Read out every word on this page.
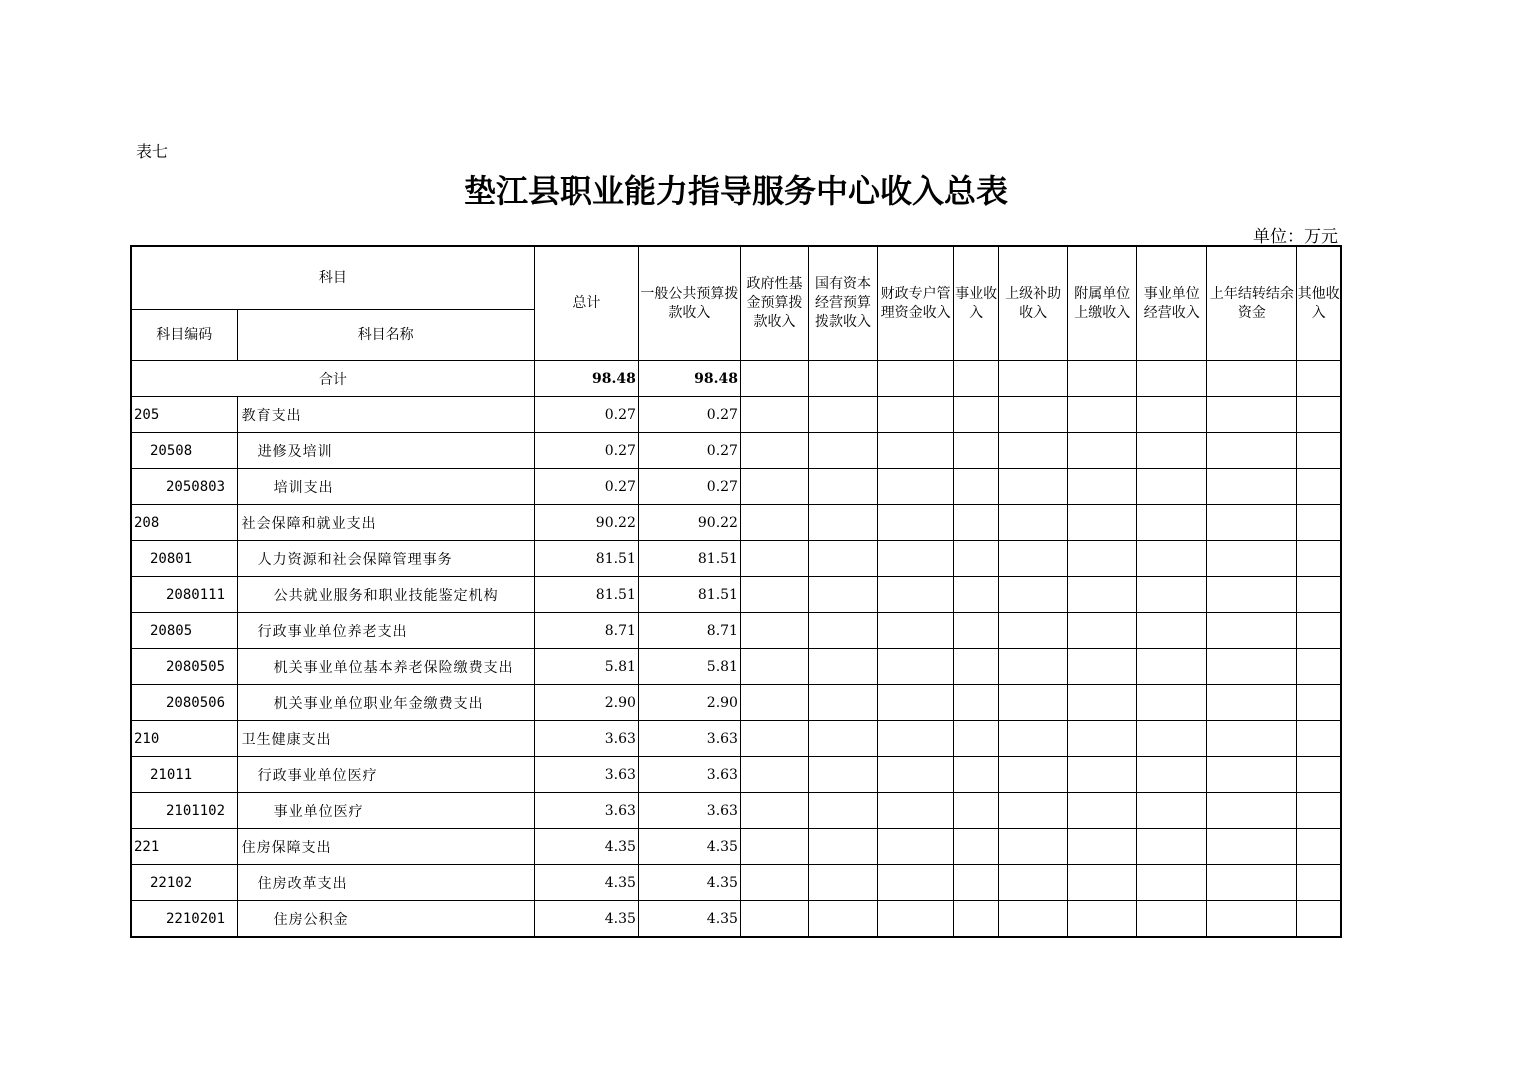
表七
垫江县职业能力指导服务中心收入总表
单位：万元
科目		总计	一般公共预算拨款收入	政府性基金预算拨款收入	国有资本经营预算拨款收入	财政专户管理资金收入	事业收入	上级补助收入	附属单位上缴收入	事业单位经营收入	上年结转结余资金	其他收入
科目编码	科目名称											
合计		98.48	98.48									
205	教育支出	0.27	0.27									
20508	进修及培训	0.27	0.27									
2050803	培训支出	0.27	0.27									
208	社会保障和就业支出	90.22	90.22									
20801	人力资源和社会保障管理事务	81.51	81.51									
2080111	公共就业服务和职业技能鉴定机构	81.51	81.51									
20805	行政事业单位养老支出	8.71	8.71									
2080505	机关事业单位基本养老保险缴费支出	5.81	5.81									
2080506	机关事业单位职业年金缴费支出	2.90	2.90									
210	卫生健康支出	3.63	3.63									
21011	行政事业单位医疗	3.63	3.63									
2101102	事业单位医疗	3.63	3.63									
221	住房保障支出	4.35	4.35									
22102	住房改革支出	4.35	4.35									
2210201	住房公积金	4.35	4.35									
